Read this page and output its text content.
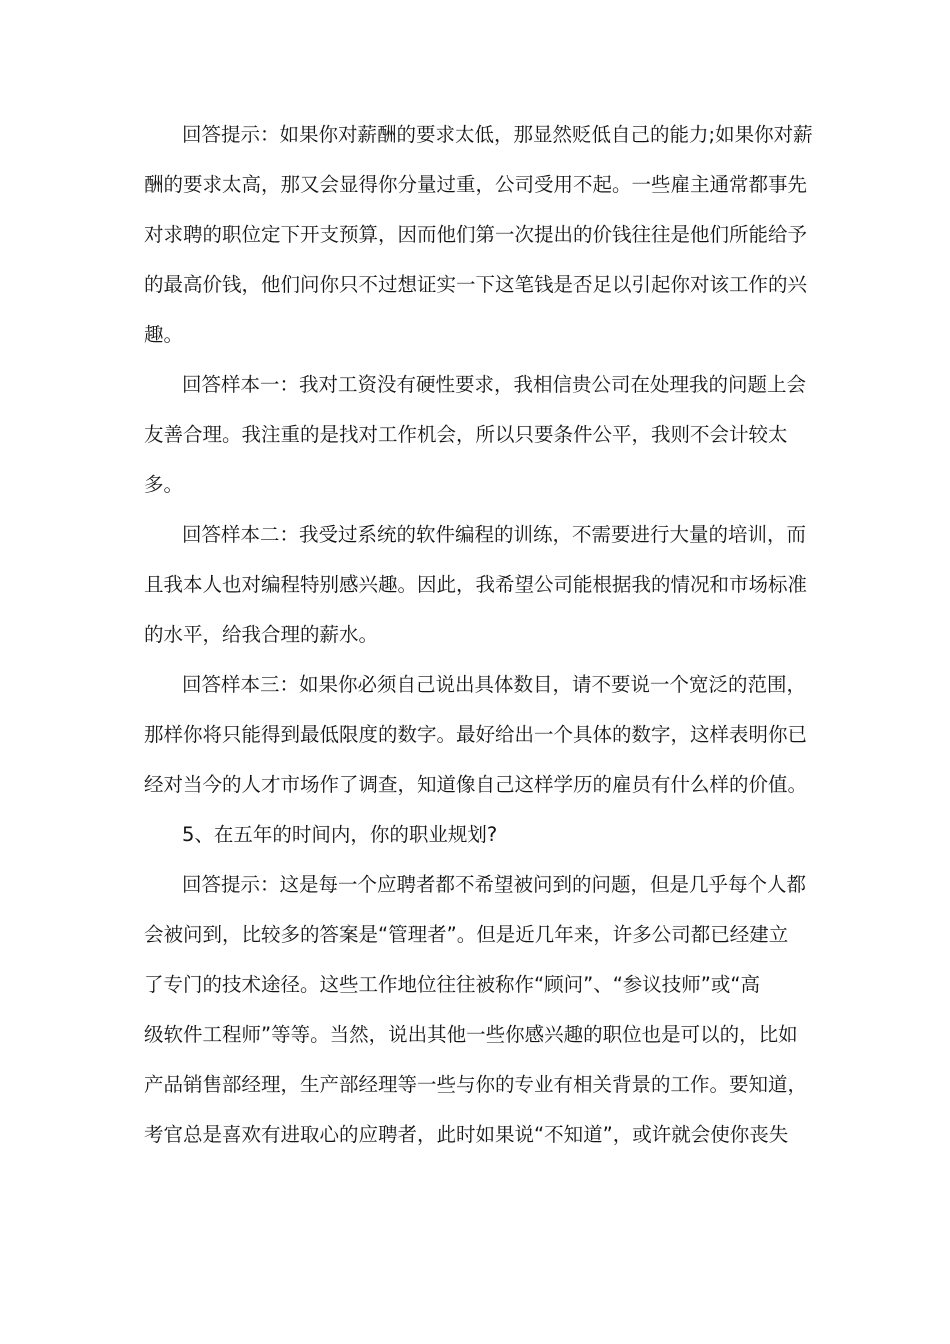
回答提示：如果你对薪酬的要求太低，那显然贬低自己的能力;如果你对薪
酬的要求太高，那又会显得你分量过重，公司受用不起。一些雇主通常都事先
对求聘的职位定下开支预算，因而他们第一次提出的价钱往往是他们所能给予
的最高价钱，他们问你只不过想证实一下这笔钱是否足以引起你对该工作的兴
趣。
回答样本一：我对工资没有硬性要求，我相信贵公司在处理我的问题上会
友善合理。我注重的是找对工作机会，所以只要条件公平，我则不会计较太
多。
回答样本二：我受过系统的软件编程的训练，不需要进行大量的培训，而
且我本人也对编程特别感兴趣。因此，我希望公司能根据我的情况和市场标准
的水平，给我合理的薪水。
回答样本三：如果你必须自己说出具体数目，请不要说一个宽泛的范围，
那样你将只能得到最低限度的数字。最好给出一个具体的数字，这样表明你已
经对当今的人才市场作了调查，知道像自己这样学历的雇员有什么样的价值。
5、在五年的时间内，你的职业规划?
回答提示：这是每一个应聘者都不希望被问到的问题，但是几乎每个人都
会被问到，比较多的答案是“管理者”。但是近几年来，许多公司都已经建立
了专门的技术途径。这些工作地位往往被称作“顾问”、“参议技师”或“高
级软件工程师”等等。当然，说出其他一些你感兴趣的职位也是可以的，比如
产品销售部经理，生产部经理等一些与你的专业有相关背景的工作。要知道，
考官总是喜欢有进取心的应聘者，此时如果说“不知道”，或许就会使你丧失
